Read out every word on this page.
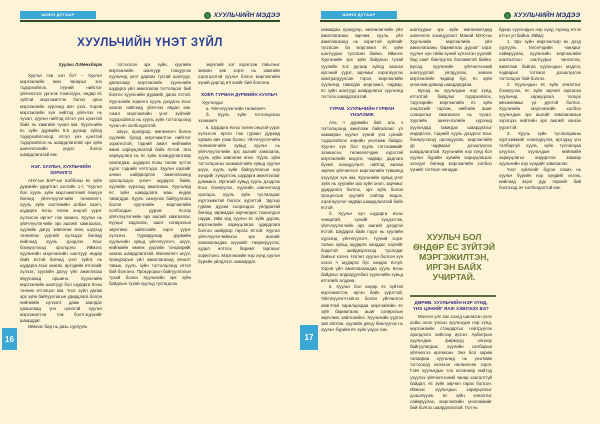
ШИНЭ ДУГААР	ХУУЛЬЧИЙН МЭДЭЭ
ХУУЛЬЧИЙН ҮНЭТ ЗҮЙЛ

Хуульч Л.Мөнхдорж

Хуульч гэж хэн бэ? – Хуульч мэргэжлийн мөн чанарыг энэ тодорхойлох, түүний нийтлэг үйлчилгээг үргэлж тохиолдох, өндөр ёс зүйтэй мэргэжилтэн болох орон мэргэжлийн хүрээнд авч үзэх. Хэрэв мэргэжлийн хүн нийтэд үйлчлэх нь чухал, хуульч нийтэд итгэл үнэ цэнэтэй байх нь хамгийн чухал юм. Хуульчийн ёс зүйн дүрмийн 5.6 дугаар зүйлд тодорхойлсноор, итгэл үнэ цэнэтэй тодорхойлох нь шаардлагатай эрх зүйн шинэчлэлийн үндэс болох шаардлагатай юм.

НЭГ. ХУУЛЬЧ, ХУУЛЬЧИЙН ЗОРИЛГО

АНУ-ын БАР-ын Хоббоны ёс зүйн дүрмийн удиртгал хэсгийн 1-т, “Хуульч бол хууль зүйн мэргэжилтний гишүүн бөгөөд үйлчлүүлэгчийн төлөөлөгч, хууль зүйн системийн албан хаагч, шударга ёсны төлөө онцгой үүрэг хүлээсэн иргэн” гэж заажээ. Хуульч нь үйлчлүүлэгчийн эрх ашгийг хамгаалах, хуулийн дагуу зөвлөгөө өгөх, шүүхэд төлөөлөх үүргийг хүлээдэг бөгөөд нийгэмд хууль дээдлэх ёсыг бэхжүүлэхэд оролцоно. Иймээс хуульчийн мэргэжлийн шалгуур өндөр байх ёстой бөгөөд үнэт зүйлс нь шударга ёсыг хангах, иргэдийн итгэлийг хүлээх, хуулийн дагуу үйл ажиллагаа явуулахад оршино. Хуульчийн мэргэжлийн шалгуур бол шударга ёсны төлөөх итгэлцэл юм. Үнэт зүйл дагаж эрх зүйн байгууллагын удирдлага болон нийгмийн хүлээлт, давж заалдах цаашлаад үнэ цэнэтэй хуульч мэргэжилтэн гэж бэлтгэгдэхийг шаарддаг.

Иймээс бид нь дахь сургууль

тогтоосон эрх зүйн, хуулийн мэргэжлийн шалгуур тэнцүүлэх хуульчид үнэт дараах тусгай шалгуур, дагаснаар мэргэжлийн хуульчийн шударга үйл ажиллагаа тогтолцоог бий болгох хуульчийн дүрмийг дагах ёстой. Хуульчийн зорилго хууль дээдлэх ёсыг хангах нийгэмд үйлчлэх явдал юм. Ажил мэргэжлийн үнэт зүйлийг тодорхойлох нь хууль зүйн тогтолцоонд чухал ач холбогдолтой.

Шүүх, прокурор, өмгөөлөгч болон хуулийн бусад мэргэжилтэн нийтлэг зорилготой, тэдний ажил нийгмийн өмнө хариуцлагатай байх ёстой. Энэ хариуцлага нь ёс зүйн зохицуулалтаар хангагдаж, шударга ёсны төлөө зүтгэх үүрэг тэднийг нэгтгэдэг. Хуульч хэргийг хянан шийдвэрлэх ажиллагаанд оролцохдоо үнэнч шударга байж, хуулийн хүрээнд ажиллана. Хуульчид ёс зүйн шаардлага маш өндөр тавигддаг. Хууль сахиулах байгууллага болон хуульчийн мэргэжлийн холбоодын дүрэм ёсоор үйлчлүүлэгчийн эрх ашгийг хамгаалах, нууцыг хадгалах, ашиг сонирхлын зөрчлөөс зайлсхийх зэрэг үүрэг хүлээнэ. Гуравдугаар дүрмийн хуульчийн хувьд үйлчлүүлэгч, шүүх, нийгмийн өмнөх үүргийн тэнцвэрийг хангах шаардлагатай. Өмгөөлөгч шүүх, прокурорын үйл ажиллагаанд хяналт тавьж, хууль зүйн тогтолцоонд итгэл бий болгоно. Прокурорын байгууллагын тухай болон Хуульчийн эрх зүйн байдлын тухай хуульд тусгагдсан.

зөрчлийг хэт хэрэглэж тавьсныг зөвхөн зөв хэрэг нь хамгийн хэрэгцээтэй хуульч болох мэргэжлийн хүний дэргэд итгэлийг бий болгоно.

ХОЁР. ГУРВАН ДҮРМИЙН ХУУЛЬЧ

Хуульчдыг

а. Үйлчлүүлэгчийн төлөөлөгч

б. Хууль зүйн тогтолцооны эзэмшигч

в. Шударга ёсны төлөө онцгой үүрэг хүлээсэн иргэн гэж гурван дүрэмд хуваан авч үзэж болно. Үйлчлүүлэгчийн төлөөлөгчийн хувьд хуульч нь үйлчлүүлэгчийн эрх ашгийг хамгаалж, хууль зүйн зөвлөгөө өгнө. Хууль зүйн тогтолцооны эзэмшигчийн хувьд хуульч шүүх, хууль зүйн байгууллагын нэр хүндийг хүндэтгэж, шударга ажиллагааг дэмжинэ. Иргэний хувьд хууль дээдлэх ёсыг бэхжүүлэх, хуулийн шинэчлэлд оролцох, хууль зүйн туслалцааг хүртээмжтэй болгох үүрэгтэй. Эдгээр гурван дүрэм хоорондоо уялдаатай бөгөөд заримдаа зөрчилдөх тохиолдол гардаг. Ийм үед хуульч ёс зүйн дүрэм, мэргэжлийн хариуцлагаа удирдлага болгон шийдвэр гаргах ёстой. Хуульч үйлчлүүлэгчийнхээ эрх ашгийг хамгаалахдаа шүүхийг төөрөгдүүлэх, худал нотлох баримт гаргахыг хориглоно. Мэргэжлийн нэр хүнд хуульч бүрийн үйлдлээс хамаардаг.

16
ШИНЭ ДУГААР	ХУУЛЬЧИЙН МЭДЭЭ

хамаарах прокурор, өмгөөлөгчийн үйл ажиллагааны зарчим, хууль, үйл ажиллагаанд нь хоригтой зүйлийг тусгасан ба мэргэжил ёс зүйн шалгуурыг тусгасан байна. Иймээс Хуульчийн эрх зүйн байдлын тухай хуулийн 5.6 дугаар зүйлд заасан иргэний үүрэг, зарчмыг хэрэгжүүлэх хамтрагдуулсан тэрэл, мэргэжлийн хуульчид тавигдах мэргэжил, чадвар, ёс зүйн шалгуур шаардлагыг хуульчид тогтоох шаардлагатай.

ГУРАВ. ХУУЛЬЧИЙН ГУРВАН ҮНЭЛЭМЖ

Аль ч дүрмийн бай, аль ч тогтолцоонд ажиллаж байгаагаас үл хамааран хуульч хүний үнэ цэнийг тодорхойлох өөрийн үнэлэмж байдаг. Хуульч хүн бол хууль тогтоомжийг эзэмшсэн, төлөөлөгчдөө хэрэгтэй мэргэжлийн мэдлэг, чадвар, дадлага бүхий зохицуулалт, нийтэд ажлаа зөрчих үйлчилгээг мэргэжлийн түвшинд үзүүлдэг хүн юм. Хуульчийн хувьд үнэт зүйл нь хуулийн эрх зүйн онол, зарчмыг удирдлага болгох, эрх зүйн болон процессын хуулийг сайтар мэдэх, хэрэгжүүлэх чадвар шаардлагатай байх ёстой.

б. Хуульч хүн шударга ёсны чанартай, хүнийг хүндэтгэж, үйлчлүүлэгчийн эрх ашгийг дээдлэх ёстой. Шударга байх гэдэг нь хуулийн хүрээнд үйлчлүүлэгч, түүний эсрэг талын хувьд шударга ханддаг, хэргийг бодитой шийдвэрлэхэд тусалдаг байхыг хэлнэ. Нэгэнт хуульч болсон хүн хэзээ ч шударга бус хандах ёсгүй. Хэрэв үйл ажиллагаандаа хууль ёсны байдлыг алдагдуулбал хуульчийн хувьд итгэлийг алдана.

в. Хуульч бол өндөр ёс зүйтэй мэргэжилтэн, иргэн байх үүрэгтэй. Үйлчлүүлэгчтэйгээ болон үйлчилгээ авагчтай харилцахдаа мэргэжлийн ёс зүйг баримталж, ашиг сонирхлын зөрчлөөс зайлсхийнэ. Хуульчийн үүргээ зөв ойлгож, хуулийн дагуу биелүүлэх нь хуульч бүрийн ёс зүйн үндэс юм.

шалгуурыг эрх зүйн өмгөөлөгчдөд шинэчлэх зохицуулалт Манай МХХ-ны Хуульчийн мэргэжлийн үйл ажиллагааны баримтлах дүрэм” зэрэг хуульч хүн тийм хүний хүлээсэн үүргийг бид хамт биелүүлэх боломжтой байна. Бусад хуульчийн үйлчилгээний шалгууртай уялдуулах, зөвхөн мэргэжлийн чадвар бус, ёс зүйн үнэлэмж давхар шаардагдана.

Бусад нь хуульчдын нэр хүнд, итгэлтэй байдлыг тодорхойлох, тэдгээрийн мэргэжлийн ёс зүйн онцлогийг гаргаж, нийтийн ашиг сонирхлыг хамгаалах нь чухал. Хуулийн шинэчлэлийн хүрээнд хуульчдад тавигдах шаардлагыг өндөрсгөх, тэднийг хууль дээдлэх ёсыг бэхжүүлэхэд оролцуулах, мэргэжлийн ур чадварыг дээшлүүлэх шаардлагатай. Хуульчийн нэр хүнд бол хуульч бүрийн хувийн хариуцлагаас эхэлдэг бөгөөд мэргэжлийн холбоо үүнийг тогтмол хянадаг.

ХУУЛЬЧ БОЛ ӨНДӨР ЁС ЗҮЙТЭЙ МЭРГЭЖИЛТЭН, ИРГЭН БАЙХ УЧИРТАЙ.

ДӨРӨВ. ХУУЛЬЧИЙН НЭР ХҮНД, ҮНЭ ЦЭНИЙГ ЯАЖ ХЭВЛЭЭХ ВЭ?

Монгол улс зах зээлд шилжсэн үеэс хойш олон улсын хуульчдын нэр хүнд, мэргэжлийн стандартыг нэвтрүүлэх оролдлого хийсээр ирсэн. Арбитрын хуульчдын фирмүүд олноор байгуулагдаж, хуулийн салбарын үйлчилгээ өргөжсөн. Энэ бол зарим талаараа хуульчид нь үнэлэмж тогтооход ихээхэн нөлөөлсөн хэрэг. Гэвч хуульчдын тоо өссөнөөр нийтэд үзүүлэх үйлчилгээний чанар хангалтгүй байдал, ёс зүйн зөрчил гарах болсон. Иймээс хуульчдын хариуцлагыг дээшлүүлж, ёс зүйн хяналтыг сайжруулах, мэргэжлийн үнэлэмжийг бий болгох шаардлагатай. Гол нь

бдээр хуульчдын нэр хүнд тэрэнд итгэх итгэл ул байна. Иймд:

1. Эрх зүйн мэргэжлээр их дээд сургууль төгсөгчдийн чанарыг сайжруулах, хуульчийн мэргэжлийн шалгалтын шалгуурыг чангатгах, ажиллаж байгаа хуульчдын мэдлэг, чадварыг тогтмол дээшлүүлэх тогтолцоог бий болгох.

2. Хуульчдын ёс зүйн хяналтыг бэхжүүлэх, ёс зүйн зөрчил гаргасан хуульчид хариуцлага тооцох механизмыг үр дүнтэй болгох. Хуульчийн мэргэжлийн холбоо хуульчдын эрх ашгийг хамгаалахын зэрэгцээ нийтийн эрх ашгийг хангах үүрэгтэй.

3. Хууль зүйн туслалцааны хүртээмжийг нэмэгдүүлэх, иргэдэд үнэ төлбөргүй хууль зүйн туслалцаа үзүүлэх, хуульчдын нийгмийн хариуцлагыг өндөрсгөх замаар хуульчийн нэр хүндийг хамгаалах.

Үнэт зүйлсийг бүрэн сахих нь хуульч бүрийн нэр хүндийг өсгөж, нийгэмд эерэг дүр төрхийг бий болгоход ач холбогдолтой юм.

17
